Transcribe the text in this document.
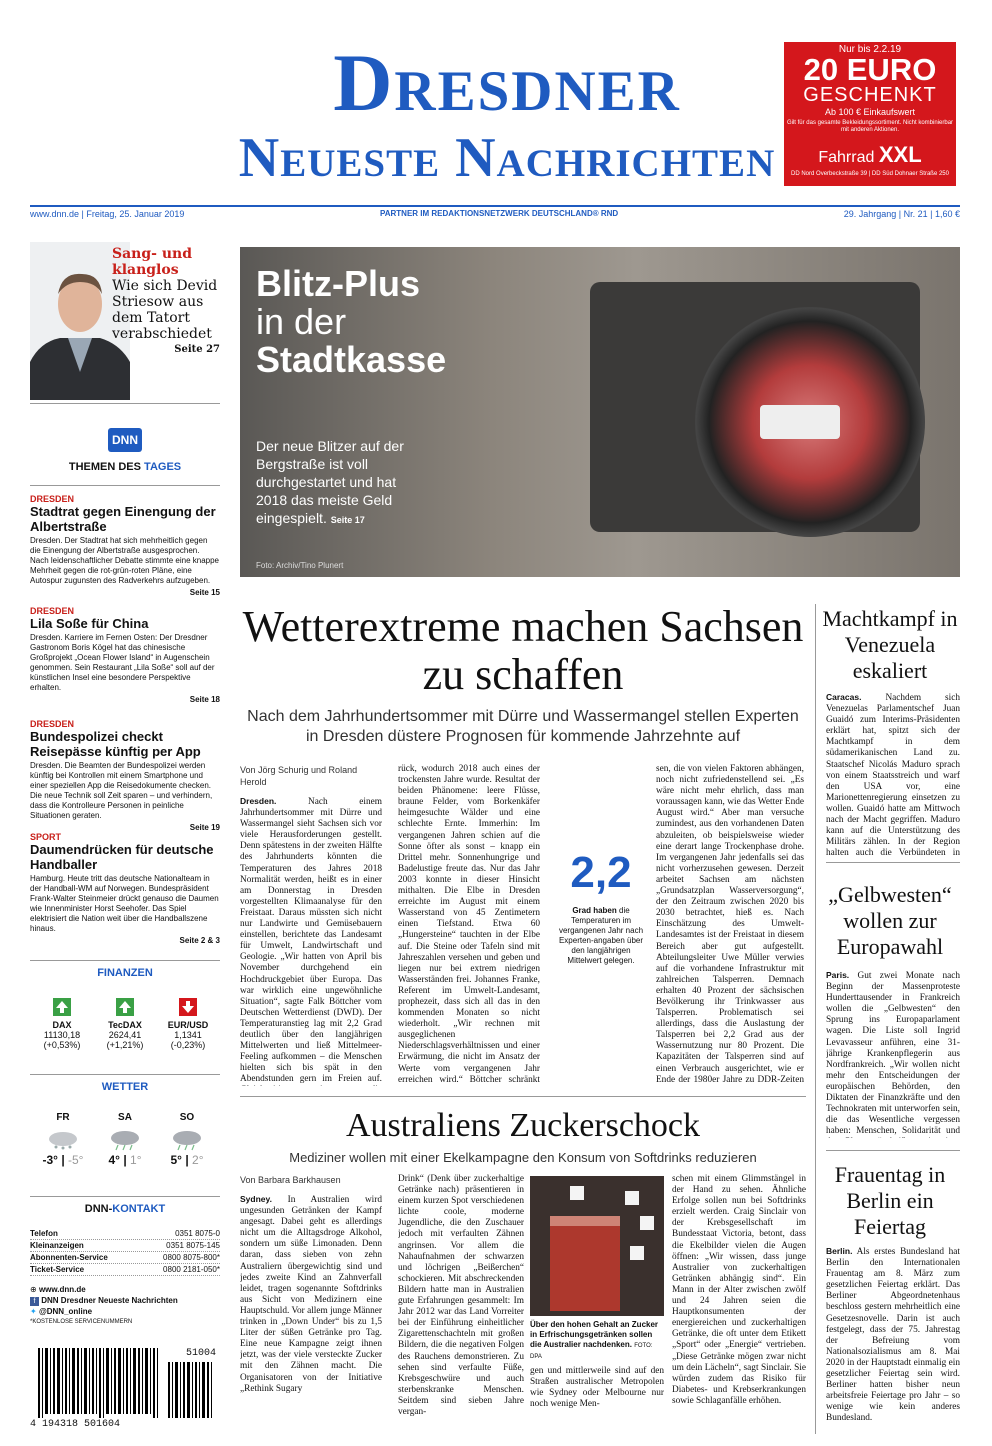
Dresdner
Neueste Nachrichten
Nur bis 2.2.19
20 EURO
GESCHENKT
Ab 100 € Einkaufswert
Gilt für das gesamte Bekleidungssortiment. Nicht kombinierbar mit anderen Aktionen.
Fahrrad XXL
DD Nord Overbeckstraße 39 | DD Süd Dohnaer Straße 250
www.dnn.de | Freitag, 25. Januar 2019	PARTNER IM REDAKTIONSNETZWERK DEUTSCHLAND® RND	29. Jahrgang | Nr. 21 | 1,60 €
Sang- und klanglos
Wie sich Devid Striesow aus dem Tatort verabschiedet
Seite 27
DNN
THEMEN DES TAGES
DRESDEN
Stadtrat gegen Einengung der Albertstraße
Dresden. Der Stadtrat hat sich mehrheitlich gegen die Einengung der Albertstraße ausgesprochen. Nach leidenschaftlicher Debatte stimmte eine knappe Mehrheit gegen die rot-grün-roten Pläne, eine Autospur zugunsten des Radverkehrs aufzugeben.
Seite 15
DRESDEN
Lila Soße für China
Dresden. Karriere im Fernen Osten: Der Dresdner Gastronom Boris Kögel hat das chinesische Großprojekt „Ocean Flower Island“ in Augenschein genommen. Sein Restaurant „Lila Soße“ soll auf der künstlichen Insel eine besondere Perspektive erhalten.
Seite 18
DRESDEN
Bundespolizei checkt Reisepässe künftig per App
Dresden. Die Beamten der Bundespolizei werden künftig bei Kontrollen mit einem Smartphone und einer speziellen App die Reisedokumente checken. Die neue Technik soll Zeit sparen – und verhindern, dass die Kontrolleure Personen in peinliche Situationen geraten.
Seite 19
SPORT
Daumendrücken für deutsche Handballer
Hamburg. Heute tritt das deutsche Nationalteam in der Handball-WM auf Norwegen. Bundespräsident Frank-Walter Steinmeier drückt genauso die Daumen wie Innenminister Horst Seehofer. Das Spiel elektrisiert die Nation weit über die Handballszene hinaus.
Seite 2 & 3
FINANZEN
DAX
11130,18
(+0,53%)
TecDAX
2624,41
(+1,21%)
EUR/USD
1,1341
(-0,23%)
WETTER
FR
-3° | -5°
SA
4° | 1°
SO
5° | 2°
DNN-KONTAKT
Telefon	0351 8075-0
Kleinanzeigen	0351 8075-145
Abonnenten-Service	0800 8075-800*
Ticket-Service	0800 2181-050*
⊕ www.dnn.de
f DNN Dresdner Neueste Nachrichten
✦ @DNN_online
*KOSTENLOSE SERVICENUMMERN
51004
4 194318 501604
Blitz-Plus
in der
Stadtkasse
Der neue Blitzer auf der Bergstraße ist voll durchgestartet und hat 2018 das meiste Geld eingespielt. Seite 17
Foto: Archiv/Tino Plunert
Wetterextreme machen Sachsen zu schaffen
Nach dem Jahrhundertsommer mit Dürre und Wassermangel stellen Experten in Dresden düstere Prognosen für kommende Jahrzehnte auf
Von Jörg Schurig und Roland Herold
Dresden.	Nach einem Jahrhundertsommer mit Dürre und Wassermangel sieht Sachsen sich vor viele Herausforderungen gestellt. Denn spätestens in der zweiten Hälfte des Jahrhunderts könnten die Temperaturen des Jahres 2018 Normalität werden, heißt es in einer am Donnerstag in Dresden vorgestellten Klimaanalyse für den Freistaat. Daraus müssten sich nicht nur Landwirte und Gemüsebauern einstellen, berichtete das Landesamt für Umwelt, Landwirtschaft und Geologie. „Wir hatten von April bis November durchgehend ein Hochdruckgebiet über Europa. Das war wirklich eine ungewöhnliche Situation“, sagte Falk Böttcher vom Deutschen Wetterdienst (DWD). Der Temperaturanstieg lag mit 2,2 Grad deutlich über den langjährigen Mittelwerten und ließ Mittelmeer-Feeling aufkommen – die Menschen hielten sich bis spät in den Abendstunden gern im Freien auf.
rück, wodurch 2018 auch eines der trockensten Jahre wurde. Resultat der beiden Phänomene: leere Flüsse, braune Felder, vom Borkenkäfer heimgesuchte Wälder und eine schlechte Ernte. Immerhin: Im vergangenen Jahren schien auf die Sonne öfter als sonst – knapp ein Drittel mehr. Sonnenhungrige und Badelustige freute das. Nur das Jahr 2003 konnte in dieser Hinsicht mithalten. Die Elbe in Dresden erreichte im August mit einem Wasserstand von 45 Zentimetern einen Tiefstand. Etwa 60 „Hungersteine“ tauchten in der Elbe auf. Die Steine oder Tafeln sind mit Jahreszahlen versehen und geben und liegen nur bei extrem niedrigen Wasserständen frei. Johannes Franke, Referent im Umwelt-Landesamt, prophezeit, dass sich all das in den kommenden Monaten so nicht wiederholt. „Wir rechnen mit ausgeglichenen Niederschlagsverhältnissen und einer Erwärmung, die nicht im Ansatz der Werte vom vergangenen Jahr erreichen wird.“ Böttcher schränkt
2,2
Grad haben die Temperaturen im vergangenen Jahr nach Experten-angaben über den langjährigen Mittelwert gelegen.
sen, die von vielen Faktoren abhängen, noch nicht zufriedenstellend sei. „Es wäre nicht mehr ehrlich, dass man voraussagen kann, wie das Wetter Ende August wird.“ Aber man versuche zumindest, aus den vorhandenen Daten abzuleiten, ob beispielsweise wieder eine derart lange Trockenphase drohe. Im vergangenen Jahr jedenfalls sei das nicht vorherzusehen gewesen. Derzeit arbeitet Sachsen am nächsten „Grundsatzplan Wasserversorgung“, der den Zeitraum zwischen 2020 bis 2030 betrachtet, hieß es. Nach Einschätzung des Umwelt-Landesamtes ist der Freistaat in diesem Bereich aber gut aufgestellt. Abteilungsleiter Uwe Müller verwies auf die vorhandene Infrastruktur mit zahlreichen Talsperren. Demnach erhalten 40 Prozent der sächsischen Bevölkerung ihr Trinkwasser aus Talsperren. Problematisch sei allerdings, dass die Auslastung der Talsperren bei 2,2 Grad aus der Wassernutzung nur 80 Prozent. Die Kapazitäten der Talsperren sind auf einen Verbrauch ausgerichtet, wie er Ende der 1980er Jahre zu DDR-Zeiten
Machtkampf in Venezuela eskaliert
Caracas.	Nachdem sich Venezuelas Parlamentschef Juan Guaidó zum Interims-Präsidenten erklärt hat, spitzt sich der Machtkampf in dem südamerikanischen Land zu. Staatschef Nicolás Maduro sprach von einem Staatsstreich und warf den USA vor, eine Marionettenregierung einsetzen zu wollen. Guaidó hatte am Mittwoch nach der Macht gegriffen. Maduro kann auf die Unterstützung des Militärs zählen. In der Region halten auch die Verbündeten in
„Gelbwesten“ wollen zur Europawahl
Paris. Gut zwei Monate nach Beginn der Massenproteste Hunderttausender in Frankreich wollen die „Gelbwesten“ den Sprung ins Europaparlament wagen. Die Liste soll Ingrid Levavasseur anführen, eine 31-jährige Krankenpflegerin aus Nordfrankreich. „Wir wollen nicht mehr den Entscheidungen der europäischen Behörden, den Diktaten der Finanzkräfte und den Technokraten mit unterworfen sein, die das Wesentliche vergessen haben: Menschen, Solidarität und
Frauentag in Berlin ein Feiertag
Berlin. Als erstes Bundesland hat Berlin den Internationalen Frauentag am 8. März zum gesetzlichen Feiertag erklärt. Das Berliner Abgeordnetenhaus beschloss gestern mehrheitlich eine Gesetzesnovelle. Darin ist auch festgelegt, dass der 75. Jahrestag der Befreiung vom Nationalsozialismus am 8. Mai 2020 in der Hauptstadt einmalig ein gesetzlicher Feiertag sein wird. Berliner hatten bisher neun arbeitsfreie Feiertage pro Jahr – so wenige wie kein anderes Bundesland.
Australiens Zuckerschock
Mediziner wollen mit einer Ekelkampagne den Konsum von Softdrinks reduzieren
Von Barbara Barkhausen
Sydney. In Australien wird ungesunden Getränken der Kampf angesagt. Dabei geht es allerdings nicht um die Alltagsdroge Alkohol, sondern um süße Limonaden. Denn daran, dass sieben von zehn Australiern übergewichtig sind und jedes zweite Kind an Zahnverfall leidet, tragen sogenannte Softdrinks aus Sicht von Medizinern eine Hauptschuld. Vor allem junge Männer trinken in „Down Under“ bis zu 1,5 Liter der süßen Getränke pro Tag. Eine neue Kampagne zeigt ihnen jetzt, was der viele versteckte Zucker mit den Zähnen macht. Die Organisatoren von der Initiative „Rethink Sugary
Drink“ (Denk über zuckerhaltige Getränke nach) präsentieren in einem kurzen Spot verschiedenen lichte coole, moderne Jugendliche, die den Zuschauer jedoch mit verfaulten Zähnen angrinsen. Vor allem die Nahaufnahmen der schwarzen und löchrigen „Beißerchen“ schockieren. Mit abschreckenden Bildern hatte man in Australien gute Erfahrungen gesammelt: Im Jahr 2012 war das Land Vorreiter bei der Einführung einheitlicher Zigarettenschachteln mit großen Bildern, die die negativen Folgen des Rauchens demonstrieren. Zu sehen sind verfaulte Füße, Krebsgeschwüre und auch sterbenskranke Menschen. Seitdem sind sieben Jahre vergan-
Über den hohen Gehalt an Zucker in Erfrischungsgetränken sollen die Australier nachdenken. FOTO: DPA
gen und mittlerweile sind auf den Straßen australischer Metropolen wie Sydney oder Melbourne nur noch wenige Men-
schen mit einem Glimmstängel in der Hand zu sehen. Ähnliche Erfolge sollen nun bei Softdrinks erzielt werden. Craig Sinclair von der Krebsgesellschaft im Bundesstaat Victoria, betont, dass die Ekelbilder vielen die Augen öffnen: „Wir wissen, dass junge Australier von zuckerhaltigen Getränken abhängig sind“. Ein Mann in der Alter zwischen zwölf und 24 Jahren seien die Hauptkonsumenten der energiereichen und zuckerhaltigen Getränke, die oft unter dem Etikett „Sport“ oder „Energie“ vertrieben. „Diese Getränke mögen zwar nicht um dein Lächeln“, sagt Sinclair. Sie würden zudem das Risiko für Diabetes- und Krebserkrankungen sowie Schlaganfälle erhöhen.
